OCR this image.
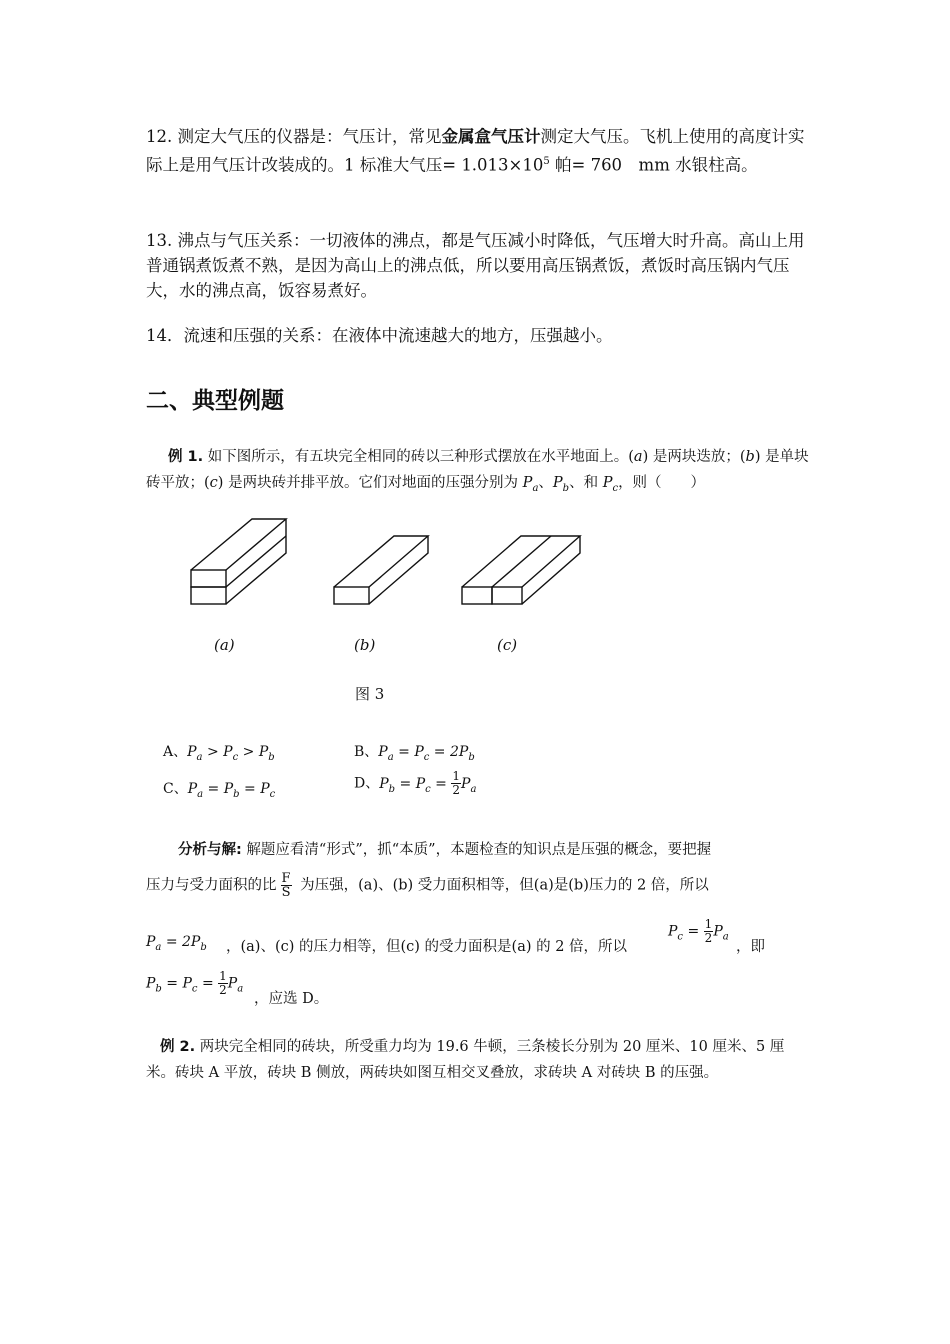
12. 测定大气压的仪器是：气压计，常见金属盒气压计测定大气压。飞机上使用的高度计实际上是用气压计改装成的。1 标准大气压= $1.013\times 10^5$ 帕= 760　mm 水银柱高。
13. 沸点与气压关系：一切液体的沸点，都是气压减小时降低，气压增大时升高。高山上用普通锅煮饭煮不熟，是因为高山上的沸点低，所以要用高压锅煮饭，煮饭时高压锅内气压大，水的沸点高，饭容易煮好。
14．流速和压强的关系：在液体中流速越大的地方，压强越小。
二、典型例题
例 1. 如下图所示，有五块完全相同的砖以三种形式摆放在水平地面上。(a) 是两块迭放；(b) 是单块砖平放；(c) 是两块砖并排平放。它们对地面的压强分别为 $P_a$、$P_b$、和 $P_c$，则（　　）
(a)	(b)	(c)
图 3
A、$P_a > P_c > P_b$	B、$P_a = P_c = 2P_b$
C、$P_a = P_b = P_c$
D、$P_b = P_c = \frac{1}{2} P_a$
分析与解: 解题应看清“形式”，抓“本质”，本题检查的知识点是压强的概念，要把握
压力与受力面积的比 $\frac{F}{S}$ 为压强，(a)、(b) 受力面积相等，但(a)是(b)压力的 2 倍，所以
$P_a = 2P_b$ ，(a)、(c) 的压力相等，但(c) 的受力面积是(a) 的 2 倍，所以
$P_c = \frac{1}{2} P_a$
，即
$P_b = P_c = \frac{1}{2} P_a$
，应选 D。
例 2. 两块完全相同的砖块，所受重力均为 19.6 牛顿，三条棱长分别为 20 厘米、10 厘米、5 厘米。砖块 A 平放，砖块 B 侧放，两砖块如图互相交叉叠放，求砖块 A 对砖块 B 的压强。
